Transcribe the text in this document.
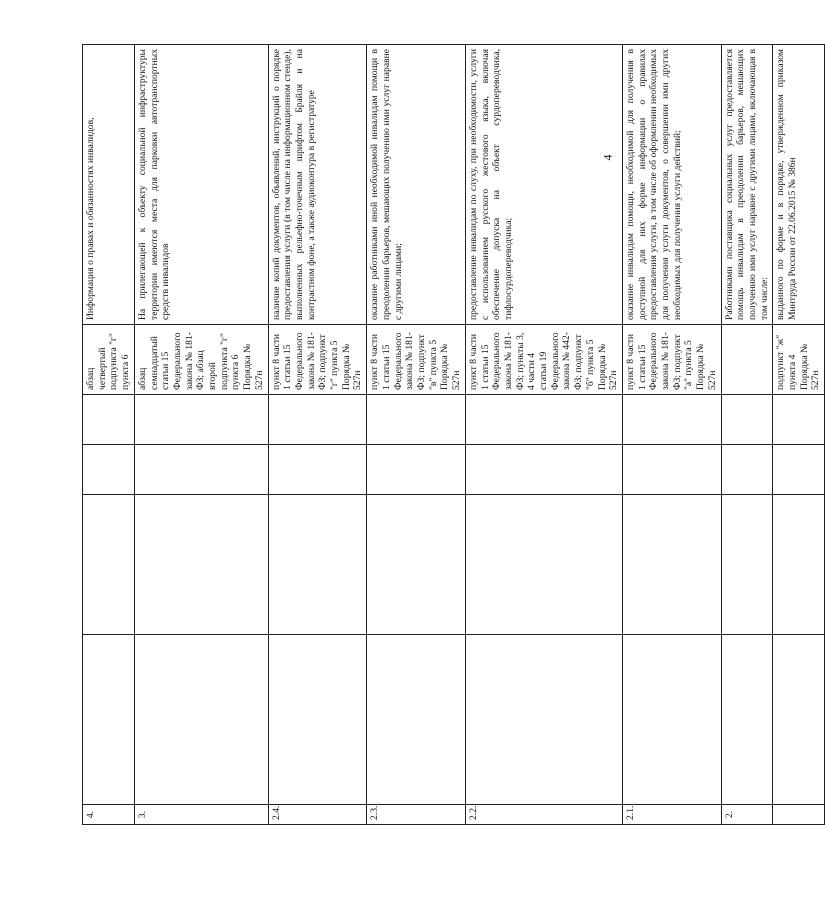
4
4.					абзац четвертый подпункта "г" пункта 6	Информация о правах и обязанностях инвалидов,
3.					абзац семнадцатый статьи 15 Федерального закона № 181-ФЗ; абзац второй подпункта "г" пункта 6 Порядка № 527н	На прилегающей к объекту социальной инфраструктуры территории имеются места для парковки автотранспортных средств инвалидов
2.4.					пункт 8 части 1 статьи 15 Федерального закона № 181-ФЗ; подпункт "г" пункта 5 Порядка № 527н	наличие копий документов, объявлений, инструкций о порядке предоставления услуги (в том числе на информационном стенде), выполненных рельефно-точечным шрифтом Брайля и на контрастном фоне, а также аудиоконтура в регистратуре
2.3.					пункт 8 части 1 статьи 15 Федерального закона № 181-ФЗ; подпункт "в" пункта 5 Порядка № 527н	оказание работниками иной необходимой инвалидам помощи в преодолении барьеров, мешающих получению ими услуг наравне с другими лицами;
2.2.					пункт 8 части 1 статьи 15 Федерального закона № 181-ФЗ; пункты 3, 4 части 4 статьи 19 Федерального закона № 442-ФЗ; подпункт "б" пункта 5 Порядка № 527н	предоставление инвалидам по слуху, при необходимости, услуги с использованием русского жестового языка, включая обеспечение допуска на объект сурдопереводчика, тифлосурдопереводчика;
2.1.					пункт 8 части 1 статьи 15 Федерального закона № 181-ФЗ; подпункт "а" пункта 5 Порядка № 527н	оказание инвалидам помощи, необходимой для получения в доступной для них форме информации о правилах предоставления услуги, в том числе об оформлении необходимых для получения услуги документов, о совершении ими других необходимых для получения услуги действий;
2.						Работниками поставщика социальных услуг предоставляется помощь инвалидам в преодолении барьеров, мешающих получению ими услуг наравне с другими лицами, включающая в том числе:
					подпункт "ж" пункта 4 Порядка № 527н	выданного по форме и в порядке, утвержденном приказом Минтруда России от 22.06.2015 № 386н
